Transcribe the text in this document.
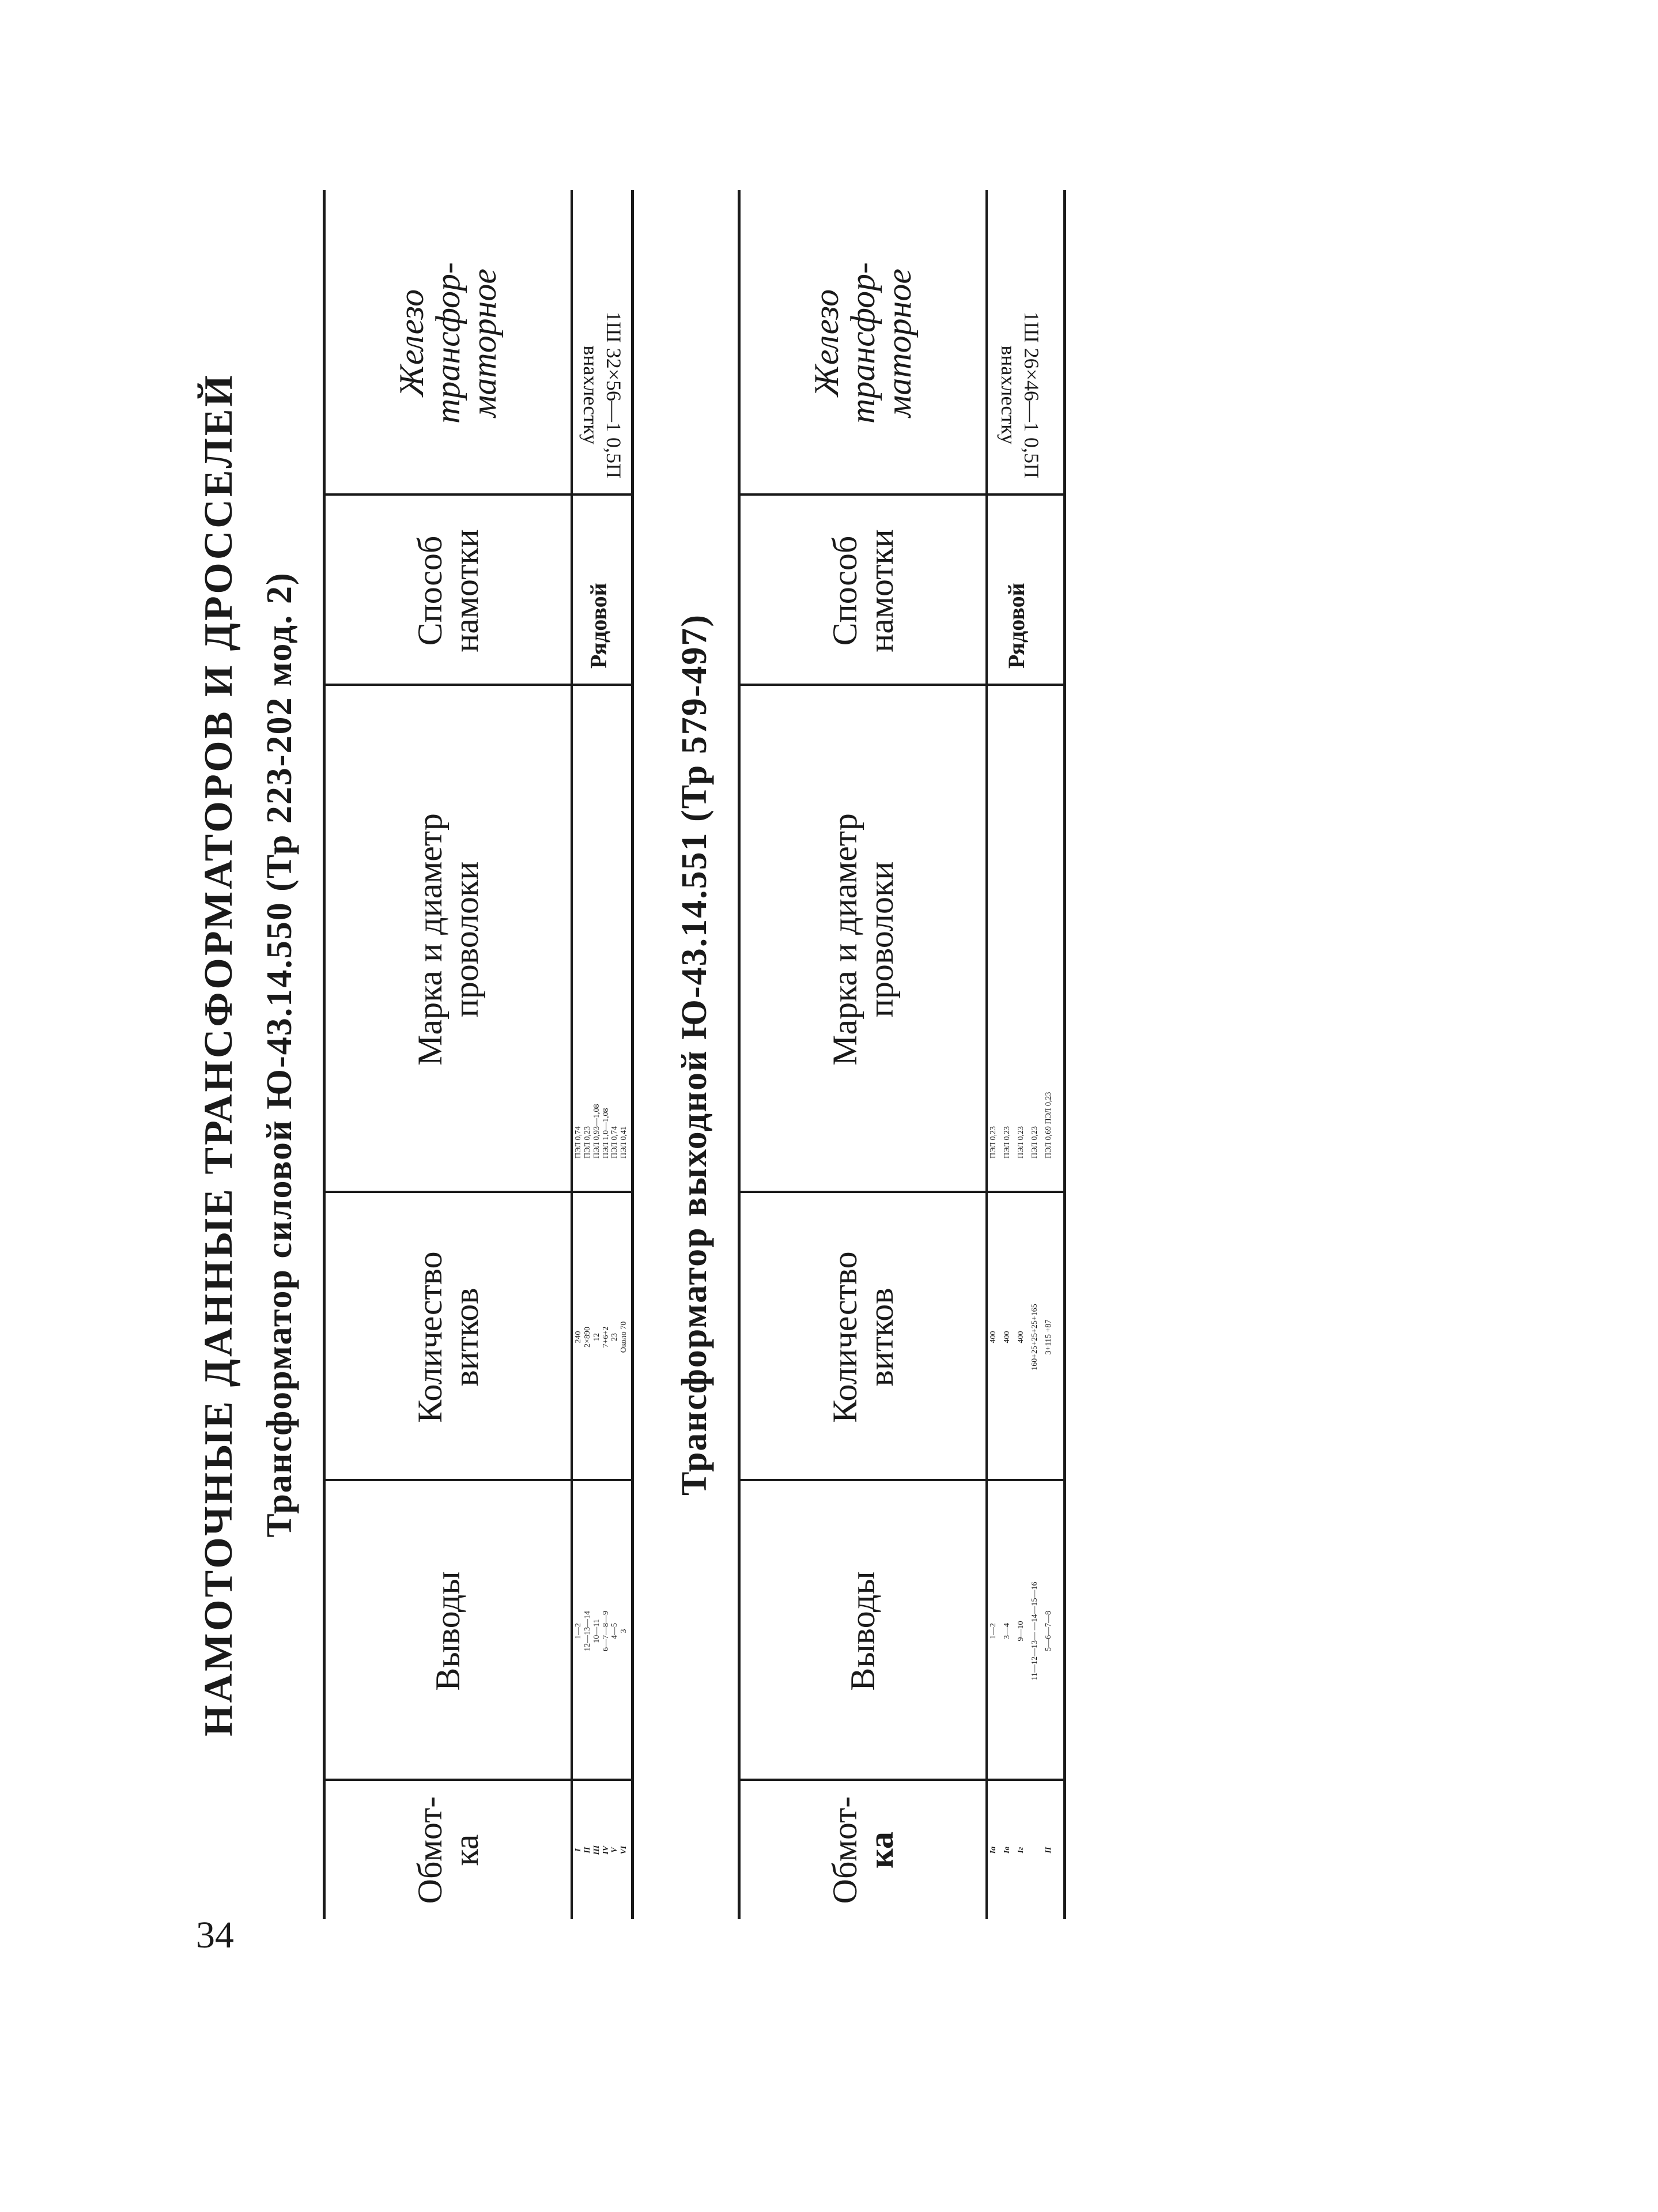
34
НАМОТОЧНЫЕ ДАННЫЕ ТРАНСФОРМАТОРОВ И ДРОССЕЛЕЙ Трансформатор силовой Ю-43.14.550 (Тр 223-202 мод. 2)
Обмот-
ка
Выводы
Количество
витков
Марка и диаметр
проволоки
Способ
намотки
Железо
трансфор-
маторное
I
1—2
240
ПЭЛ 0,74
II
12—13—14
2×890
ПЭЛ 0,23
III
10—11
12
ПЭЛ 0,93—1,08
IV
6—7—8—9
7+6+2
ПЭЛ 1,0—1,08
V
4—5
23
ПЭЛ 0,74
VI
3
Около 70
ПЭЛ 0,41
Рядовой
1Ш 32×56—1 0,5П
внахлестку
Трансформатор выходной Ю-43.14.551 (Тр 579-497)
Обмот-
ка
Выводы
Количество
витков
Марка и диаметр
проволоки
Способ
намотки
Железо
трансфор-
маторное
Ia
1—2
400
ПЭЛ 0,23
Iв
3—4
400
ПЭЛ 0,23
Iг
9—10
400
ПЭЛ 0,23
11—12—13— —14—15—16
160+25+25+25+165
ПЭЛ 0,23
II
5—6—7—8
3+115 +87
ПЭЛ 0,69 ПЭЛ 0,23
Рядовой
1Ш 26×46—1 0,5П
внахлестку
